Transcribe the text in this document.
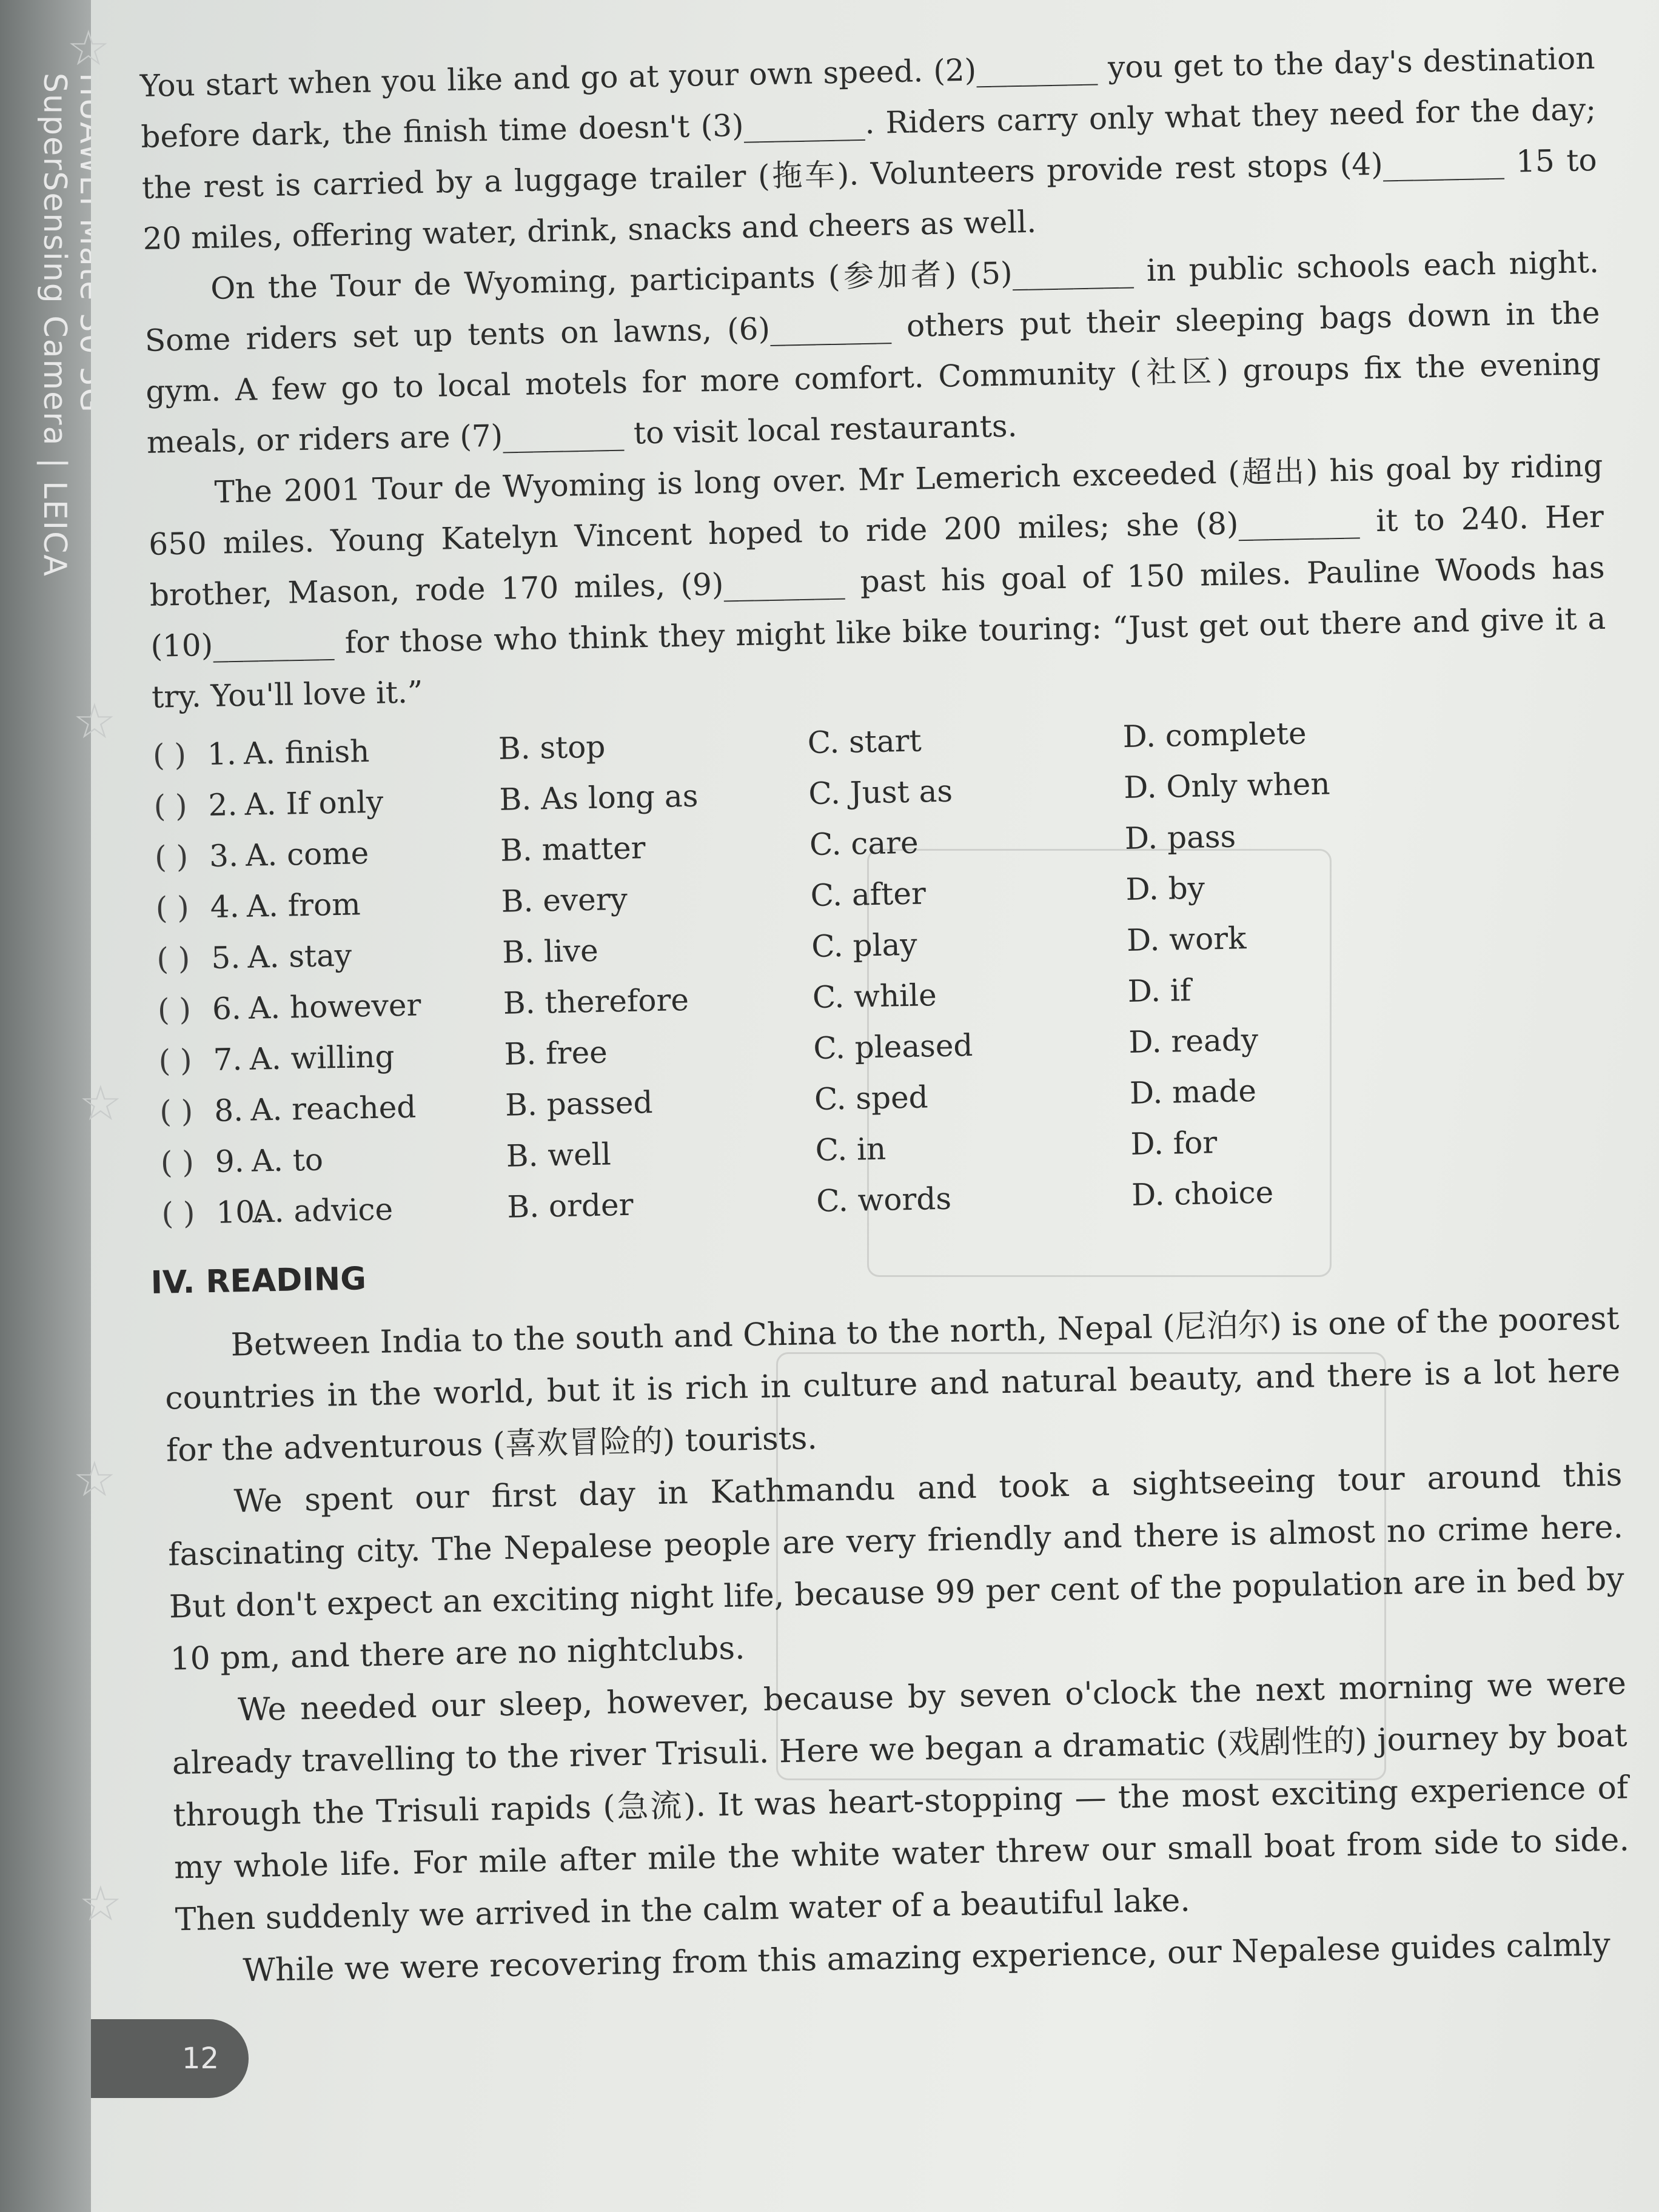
SuperSensing Camera | LEICA
☆
☆
☆
☆
☆

You start when you like and go at your own speed. (2)________ you get to the day's destination before dark, the finish time doesn't (3)________. Riders carry only what they need for the day; the rest is carried by a luggage trailer (拖车). Volunteers provide rest stops (4)________ 15 to 20 miles, offering water, drink, snacks and cheers as well.

On the Tour de Wyoming, participants (参加者) (5)________ in public schools each night. Some riders set up tents on lawns, (6)________ others put their sleeping bags down in the gym. A few go to local motels for more comfort. Community (社区) groups fix the evening meals, or riders are (7)________ to visit local restaurants.

The 2001 Tour de Wyoming is long over. Mr Lemerich exceeded (超出) his goal by riding 650 miles. Young Katelyn Vincent hoped to ride 200 miles; she (8)________ it to 240. Her brother, Mason, rode 170 miles, (9)________ past his goal of 150 miles. Pauline Woods has (10)________ for those who think they might like bike touring: “Just get out there and give it a try. You'll love it.”

( ) 1. A. finish	B. stop	C. start	D. complete
( ) 2. A. If only	B. As long as	C. Just as	D. Only when
( ) 3. A. come	B. matter	C. care	D. pass
( ) 4. A. from	B. every	C. after	D. by
( ) 5. A. stay	B. live	C. play	D. work
( ) 6. A. however	B. therefore	C. while	D. if
( ) 7. A. willing	B. free	C. pleased	D. ready
( ) 8. A. reached	B. passed	C. sped	D. made
( ) 9. A. to	B. well	C. in	D. for
( ) 10.A. advice	B. order	C. words	D. choice
IV. READING

Between India to the south and China to the north, Nepal (尼泊尔) is one of the poorest countries in the world, but it is rich in culture and natural beauty, and there is a lot here for the adventurous (喜欢冒险的) tourists.

We spent our first day in Kathmandu and took a sightseeing tour around this fascinating city. The Nepalese people are very friendly and there is almost no crime here. But don't expect an exciting night life, because 99 per cent of the population are in bed by 10 pm, and there are no nightclubs.

We needed our sleep, however, because by seven o'clock the next morning we were already travelling to the river Trisuli. Here we began a dramatic (戏剧性的) journey by boat through the Trisuli rapids (急流). It was heart-stopping — the most exciting experience of my whole life. For mile after mile the white water threw our small boat from side to side. Then suddenly we arrived in the calm water of a beautiful lake.

While we were recovering from this amazing experience, our Nepalese guides calmly

12
